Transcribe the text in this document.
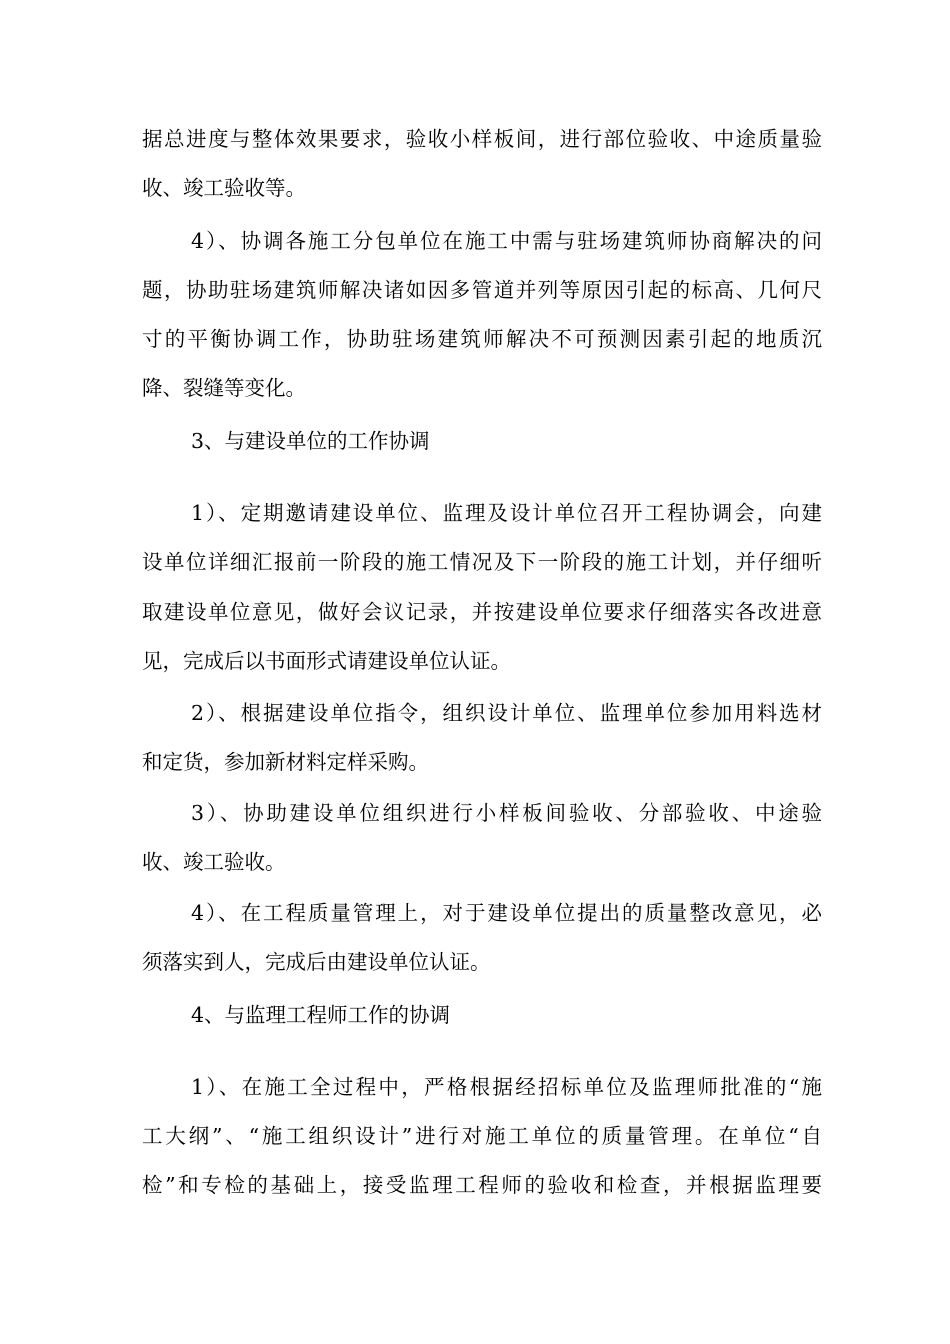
据总进度与整体效果要求，验收小样板间，进行部位验收、中途质量验
收、竣工验收等。
4）、协调各施工分包单位在施工中需与驻场建筑师协商解决的问
题，协助驻场建筑师解决诸如因多管道并列等原因引起的标高、几何尺
寸的平衡协调工作，协助驻场建筑师解决不可预测因素引起的地质沉
降、裂缝等变化。
3、与建设单位的工作协调
1）、定期邀请建设单位、监理及设计单位召开工程协调会，向建
设单位详细汇报前一阶段的施工情况及下一阶段的施工计划，并仔细听
取建设单位意见，做好会议记录，并按建设单位要求仔细落实各改进意
见，完成后以书面形式请建设单位认证。
2）、根据建设单位指令，组织设计单位、监理单位参加用料选材
和定货，参加新材料定样采购。
3）、协助建设单位组织进行小样板间验收、分部验收、中途验
收、竣工验收。
4）、在工程质量管理上，对于建设单位提出的质量整改意见，必
须落实到人，完成后由建设单位认证。
4、与监理工程师工作的协调
1）、在施工全过程中，严格根据经招标单位及监理师批准的“施
工大纲”、“施工组织设计”进行对施工单位的质量管理。在单位“自
检”和专检的基础上，接受监理工程师的验收和检查，并根据监理要
